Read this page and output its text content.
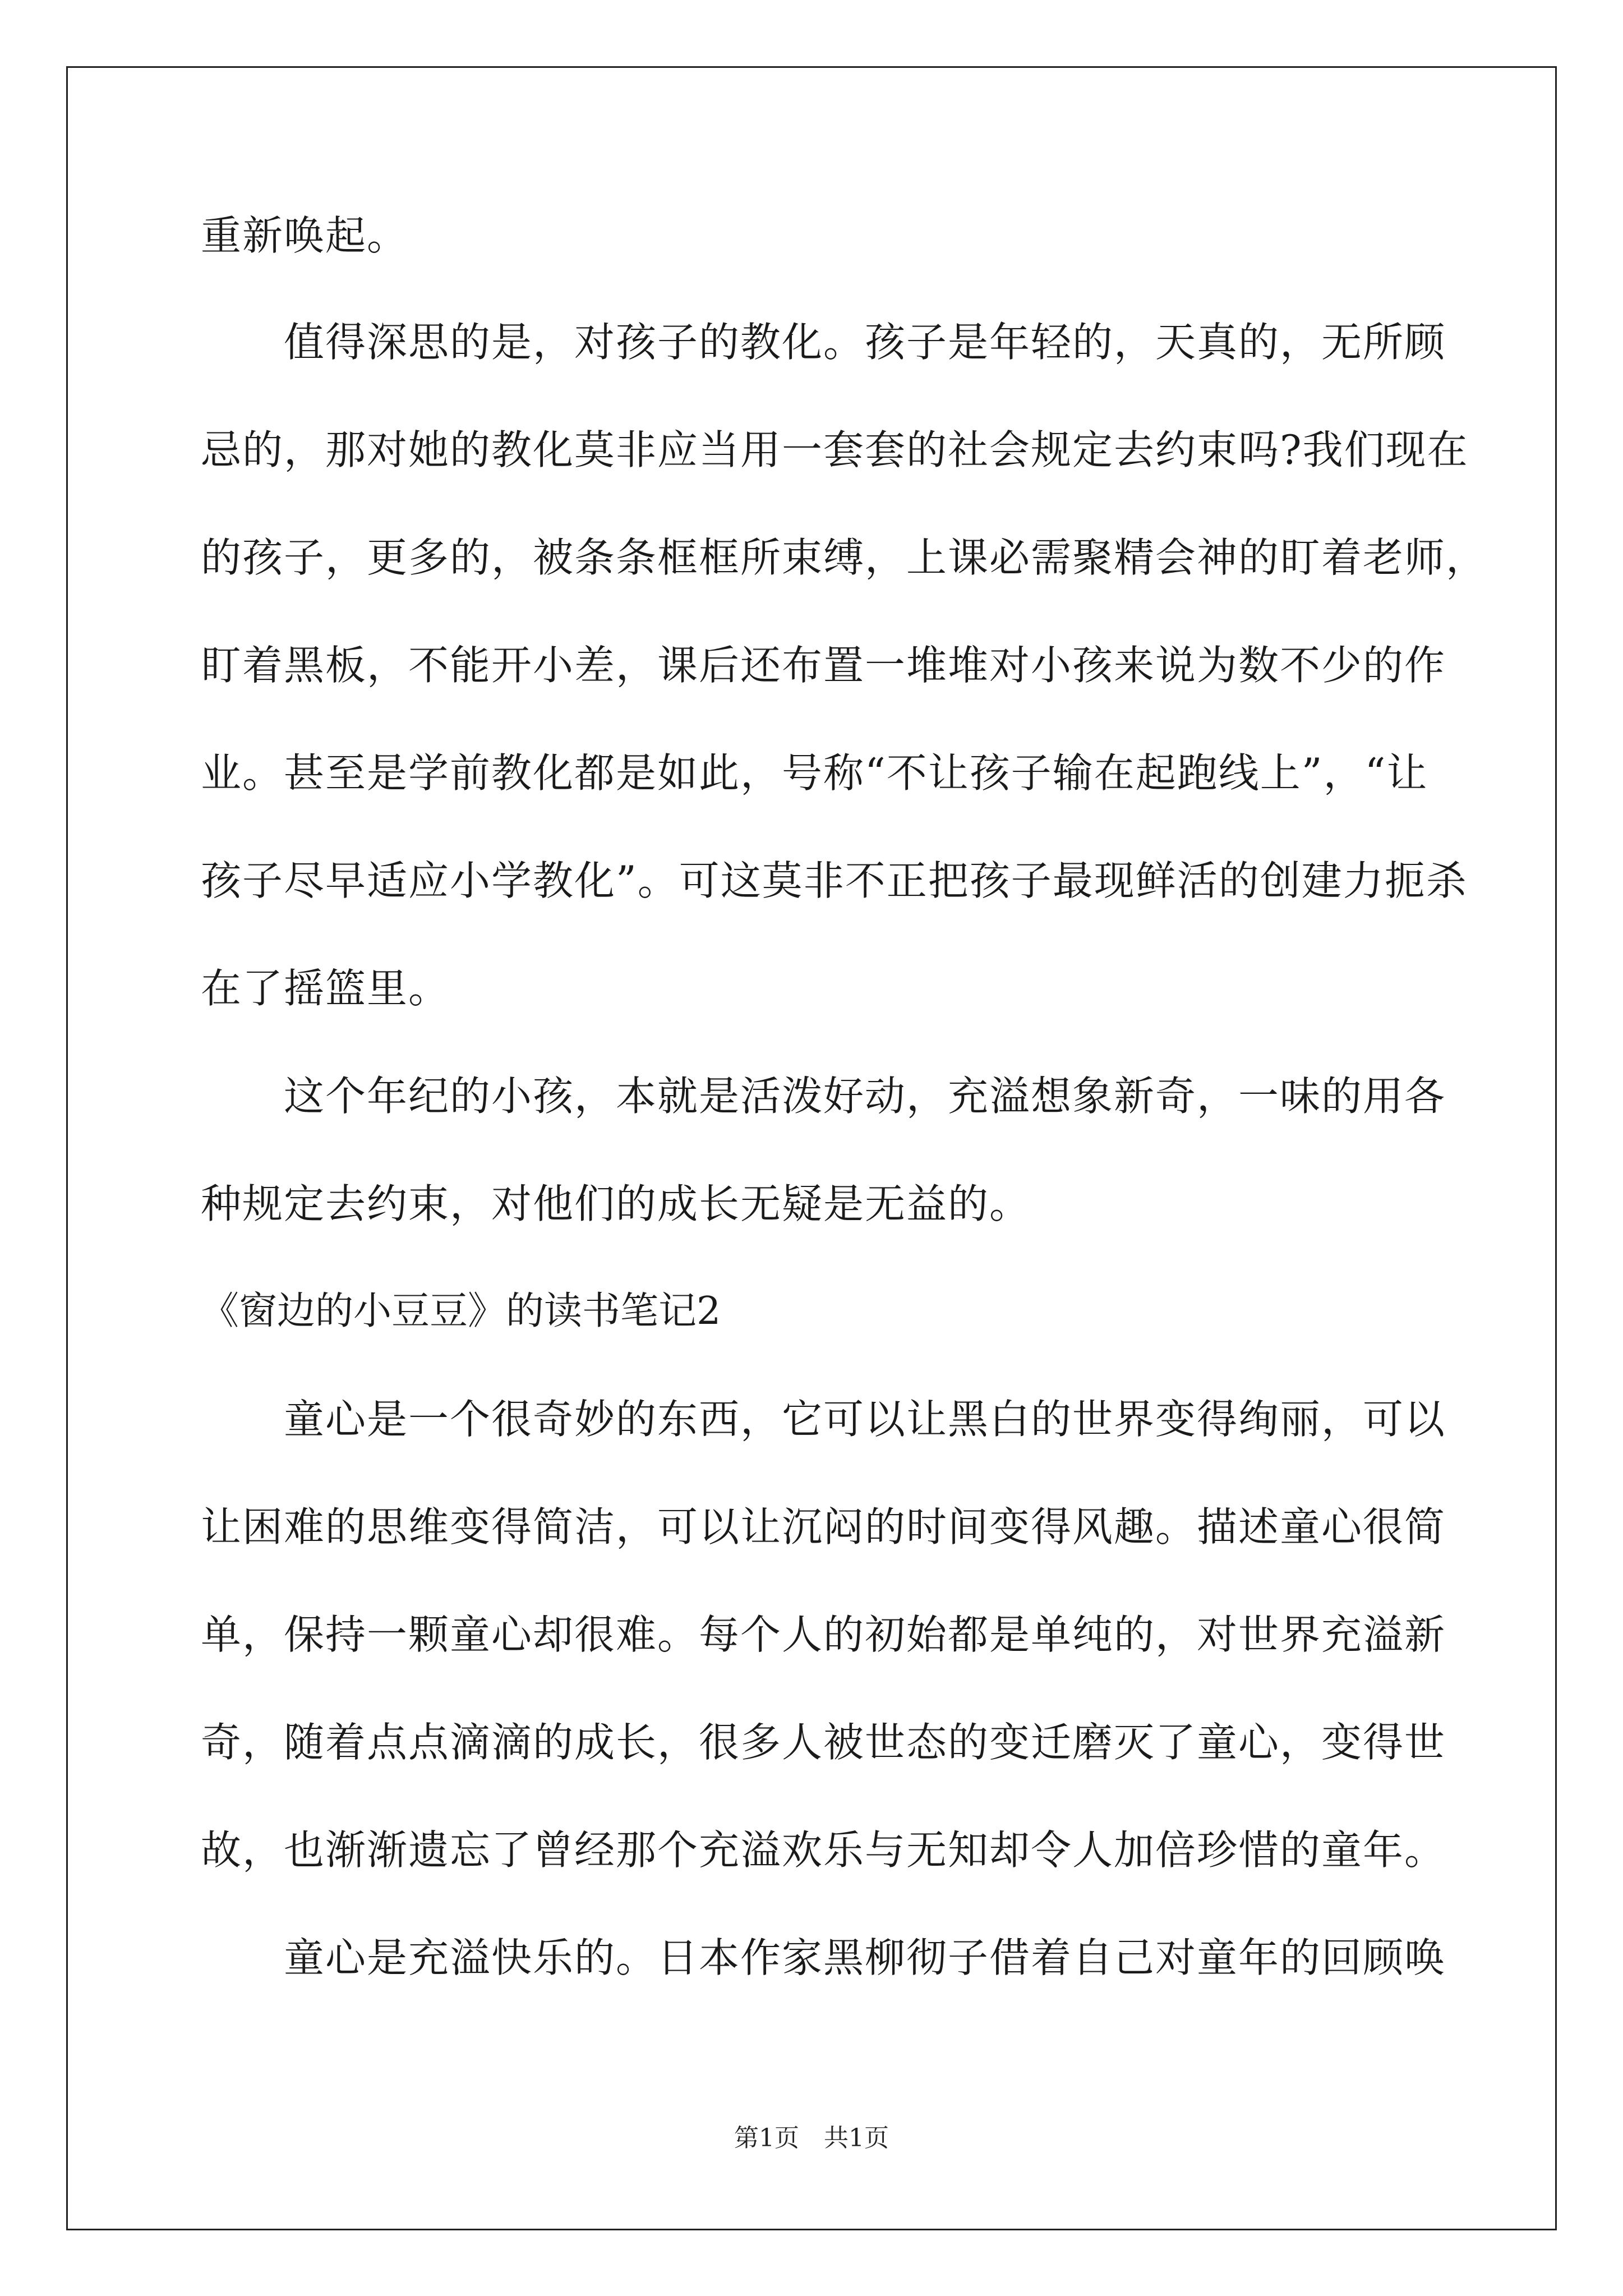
重新唤起。
值得深思的是，对孩子的教化。孩子是年轻的，天真的，无所顾
忌的，那对她的教化莫非应当用一套套的社会规定去约束吗?我们现在
的孩子，更多的，被条条框框所束缚，上课必需聚精会神的盯着老师，
盯着黑板，不能开小差，课后还布置一堆堆对小孩来说为数不少的作
业。甚至是学前教化都是如此，号称“不让孩子输在起跑线上”，“让
孩子尽早适应小学教化”。可这莫非不正把孩子最现鲜活的创建力扼杀
在了摇篮里。
这个年纪的小孩，本就是活泼好动，充溢想象新奇，一味的用各
种规定去约束，对他们的成长无疑是无益的。
《窗边的小豆豆》的读书笔记2
童心是一个很奇妙的东西，它可以让黑白的世界变得绚丽，可以
让困难的思维变得简洁，可以让沉闷的时间变得风趣。描述童心很简
单，保持一颗童心却很难。每个人的初始都是单纯的，对世界充溢新
奇，随着点点滴滴的成长，很多人被世态的变迁磨灭了童心，变得世
故，也渐渐遗忘了曾经那个充溢欢乐与无知却令人加倍珍惜的童年。
童心是充溢快乐的。日本作家黑柳彻子借着自己对童年的回顾唤
第1页　共1页
